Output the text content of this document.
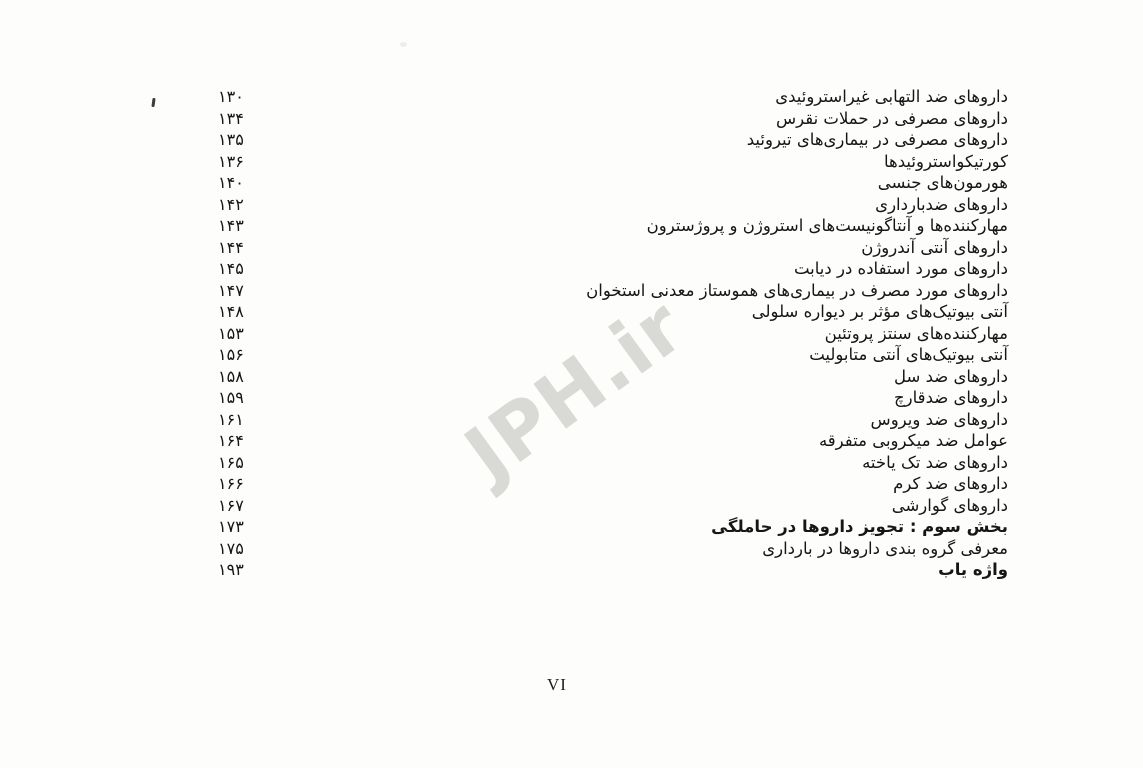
JPH.ir
داروهای ضد التهابی غیراستروئیدی
۱۳۰
داروهای مصرفی در حملات نقرس
۱۳۴
داروهای مصرفی در بیماری‌های تیروئید
۱۳۵
کورتیکواستروئیدها
۱۳۶
هورمون‌های جنسی
۱۴۰
داروهای ضدبارداری
۱۴۲
مهارکننده‌ها و آنتاگونیست‌های استروژن و پروژسترون
۱۴۳
داروهای آنتی آندروژن
۱۴۴
داروهای مورد استفاده در دیابت
۱۴۵
داروهای مورد مصرف در بیماری‌های هموستاز معدنی استخوان
۱۴۷
آنتی بیوتیک‌های مؤثر بر دیواره سلولی
۱۴۸
مهارکننده‌های سنتز پروتئین
۱۵۳
آنتی بیوتیک‌های آنتی متابولیت
۱۵۶
داروهای ضد سل
۱۵۸
داروهای ضدقارچ
۱۵۹
داروهای ضد ویروس
۱۶۱
عوامل ضد میکروبی متفرقه
۱۶۴
داروهای ضد تک یاخته
۱۶۵
داروهای ضد کرم
۱۶۶
داروهای گوارشی
۱۶۷
بخش سوم : تجویز داروها در حاملگی
۱۷۳
معرفی گروه بندی داروها در بارداری
۱۷۵
واژه یاب
۱۹۳
VI
